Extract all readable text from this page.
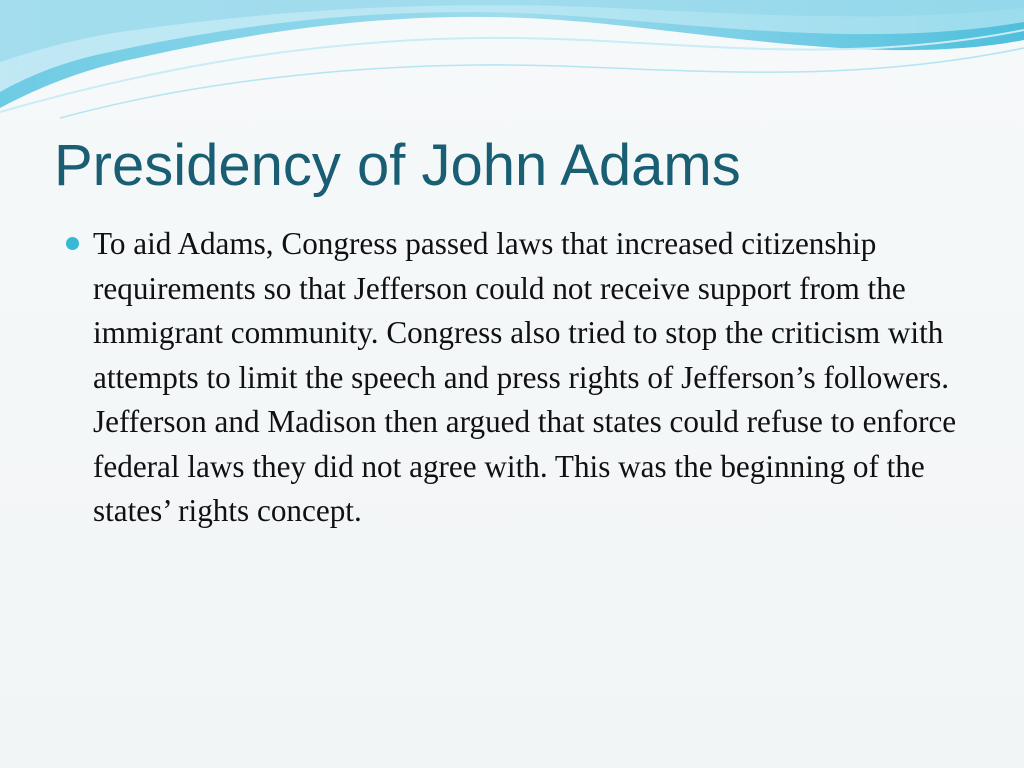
Presidency of John Adams
To aid Adams, Congress passed laws that increased citizenship requirements so that Jefferson could not receive support from the immigrant community. Congress also tried to stop the criticism with attempts to limit the speech and press rights of Jefferson’s followers. Jefferson and Madison then argued that states could refuse to enforce federal laws they did not agree with. This was the beginning of the states’ rights concept.
